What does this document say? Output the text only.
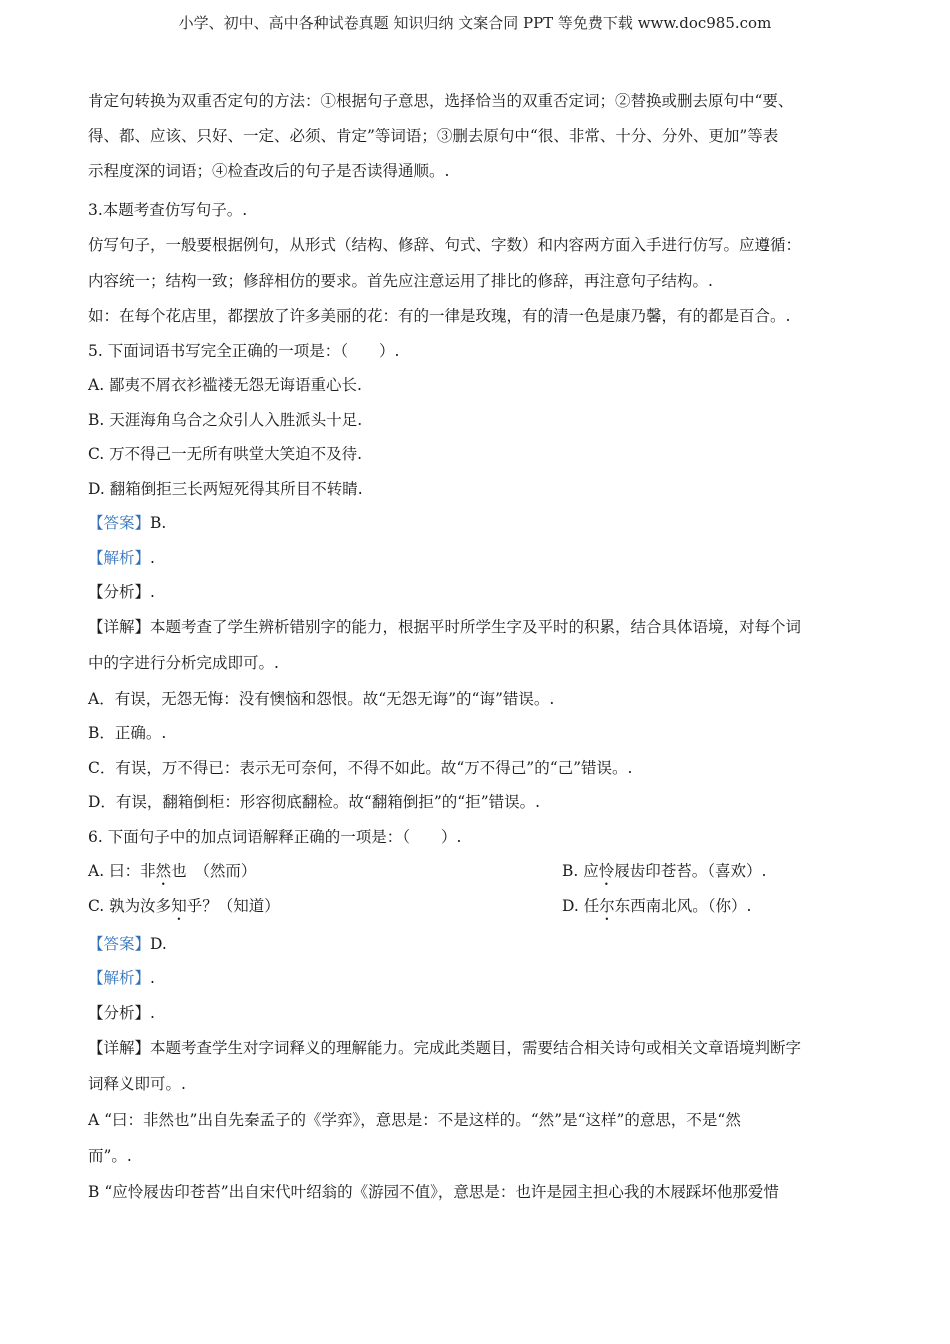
小学、初中、高中各种试卷真题 知识归纳 文案合同 PPT 等免费下载 www.doc985.com
肯定句转换为双重否定句的方法：①根据句子意思，选择恰当的双重否定词；②替换或删去原句中“要、
得、都、应该、只好、一定、必须、肯定”等词语；③删去原句中“很、非常、十分、分外、更加”等表
示程度深的词语；④检查改后的句子是否读得通顺。.
3.本题考查仿写句子。.
仿写句子，一般要根据例句，从形式（结构、修辞、句式、字数）和内容两方面入手进行仿写。应遵循：
内容统一；结构一致；修辞相仿的要求。首先应注意运用了排比的修辞，再注意句子结构。.
如：在每个花店里，都摆放了许多美丽的花：有的一律是玫瑰，有的清一色是康乃馨，有的都是百合。.
5. 下面词语书写完全正确的一项是：（　　）.
A. 鄙夷不屑衣衫褴褛无怨无诲语重心长.
B. 天涯海角乌合之众引人入胜派头十足.
C. 万不得己一无所有哄堂大笑迫不及待.
D. 翻箱倒拒三长两短死得其所目不转睛.
【答案】B.
【解析】.
【分析】.
【详解】本题考查了学生辨析错别字的能力，根据平时所学生字及平时的积累，结合具体语境，对每个词
中的字进行分析完成即可。.
A．有误，无怨无悔：没有懊恼和怨恨。故“无怨无诲”的“诲”错误。.
B．正确。.
C．有误，万不得已：表示无可奈何，不得不如此。故“万不得己”的“己”错误。.
D．有误，翻箱倒柜：形容彻底翻检。故“翻箱倒拒”的“拒”错误。.
6. 下面句子中的加点词语解释正确的一项是：（　　）.
A. 曰：非然也　（然而）	B. 应怜屐齿印苍苔。（喜欢）.
C. 孰为汝多知乎？（知道）	D. 任尔东西南北风。（你）.
【答案】D.
【解析】.
【分析】.
【详解】本题考查学生对字词释义的理解能力。完成此类题目，需要结合相关诗句或相关文章语境判断字
词释义即可。.
A “曰：非然也”出自先秦孟子的《学弈》，意思是：不是这样的。“然”是“这样”的意思，不是“然
而”。.
B “应怜屐齿印苍苔”出自宋代叶绍翁的《游园不值》，意思是：也许是园主担心我的木屐踩坏他那爱惜
